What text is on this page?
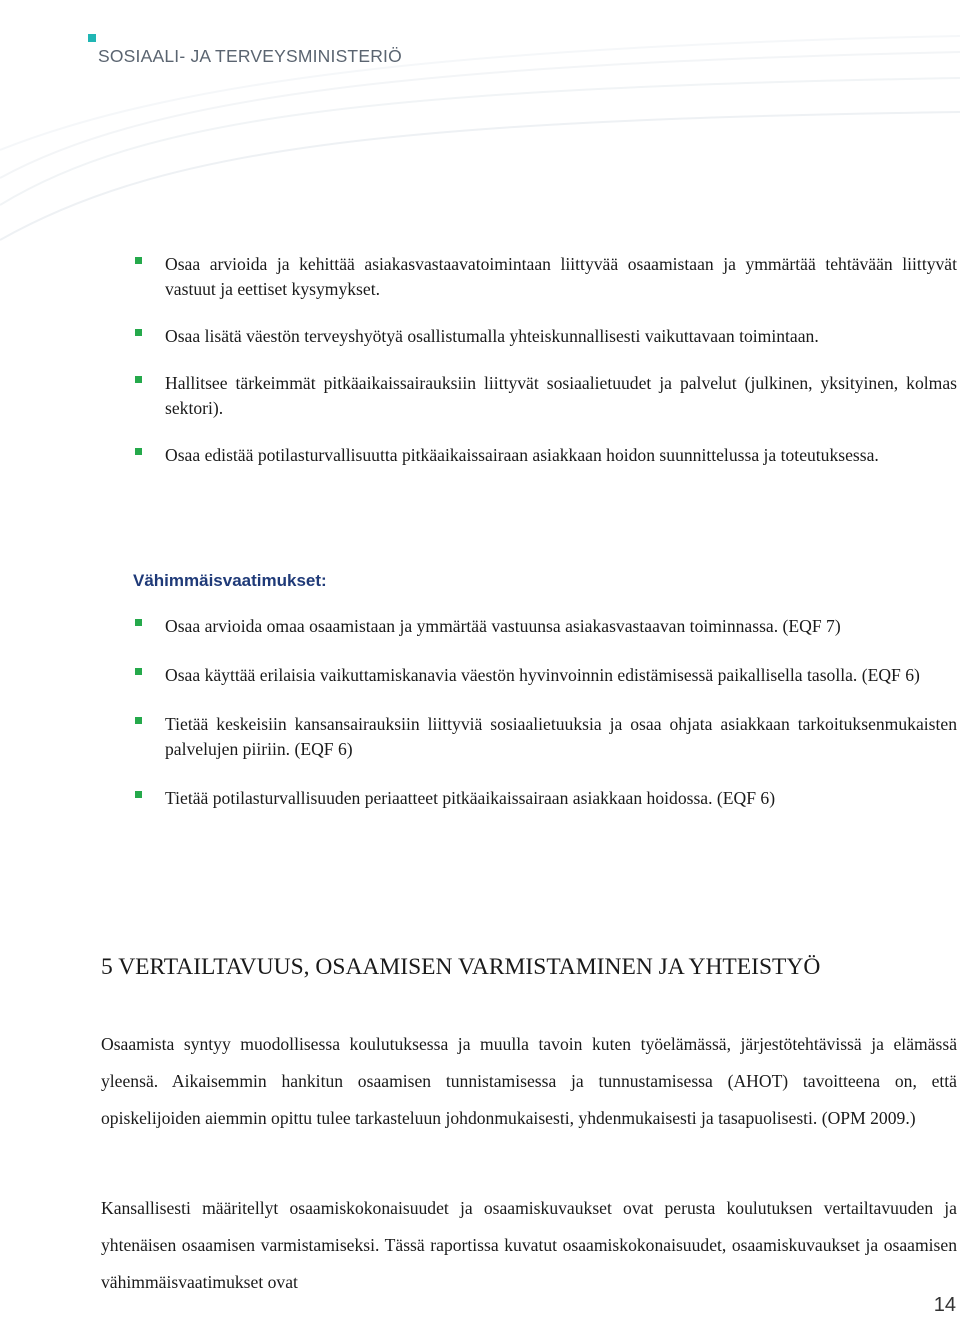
SOSIAALI- JA TERVEYSMINISTERIÖ
Osaa arvioida ja kehittää asiakasvastaavatoimintaan liittyvää osaamistaan ja ymmärtää tehtävään liittyvät vastuut ja eettiset kysymykset.
Osaa lisätä väestön terveyshyötyä osallistumalla yhteiskunnallisesti vaikuttavaan toimintaan.
Hallitsee tärkeimmät pitkäaikaissairauksiin liittyvät sosiaalietuudet ja palvelut (julkinen, yksityinen, kolmas sektori).
Osaa edistää potilasturvallisuutta pitkäaikaissairaan asiakkaan hoidon suunnittelussa ja toteutuksessa.
Vähimmäisvaatimukset:
Osaa arvioida omaa osaamistaan ja ymmärtää vastuunsa asiakasvastaavan toiminnassa. (EQF 7)
Osaa käyttää erilaisia vaikuttamiskanavia väestön hyvinvoinnin edistämisessä paikallisella tasolla. (EQF 6)
Tietää keskeisiin kansansairauksiin liittyviä sosiaalietuuksia ja osaa ohjata asiakkaan tarkoituksenmukaisten palvelujen piiriin. (EQF 6)
Tietää potilasturvallisuuden periaatteet pitkäaikaissairaan asiakkaan hoidossa. (EQF 6)
5 VERTAILTAVUUS, OSAAMISEN VARMISTAMINEN JA YHTEISTYÖ

Osaamista syntyy muodollisessa koulutuksessa ja muulla tavoin kuten työelämässä, järjestötehtävissä ja elämässä yleensä. Aikaisemmin hankitun osaamisen tunnistamisessa ja tunnustamisessa (AHOT) tavoitteena on, että opiskelijoiden aiemmin opittu tulee tarkasteluun johdonmukaisesti, yhdenmukaisesti ja tasapuolisesti. (OPM 2009.)

Kansallisesti määritellyt osaamiskokonaisuudet ja osaamiskuvaukset ovat perusta koulutuksen vertailtavuuden ja yhtenäisen osaamisen varmistamiseksi. Tässä raportissa kuvatut osaamiskokonaisuudet, osaamiskuvaukset ja osaamisen vähimmäisvaatimukset ovat

14
